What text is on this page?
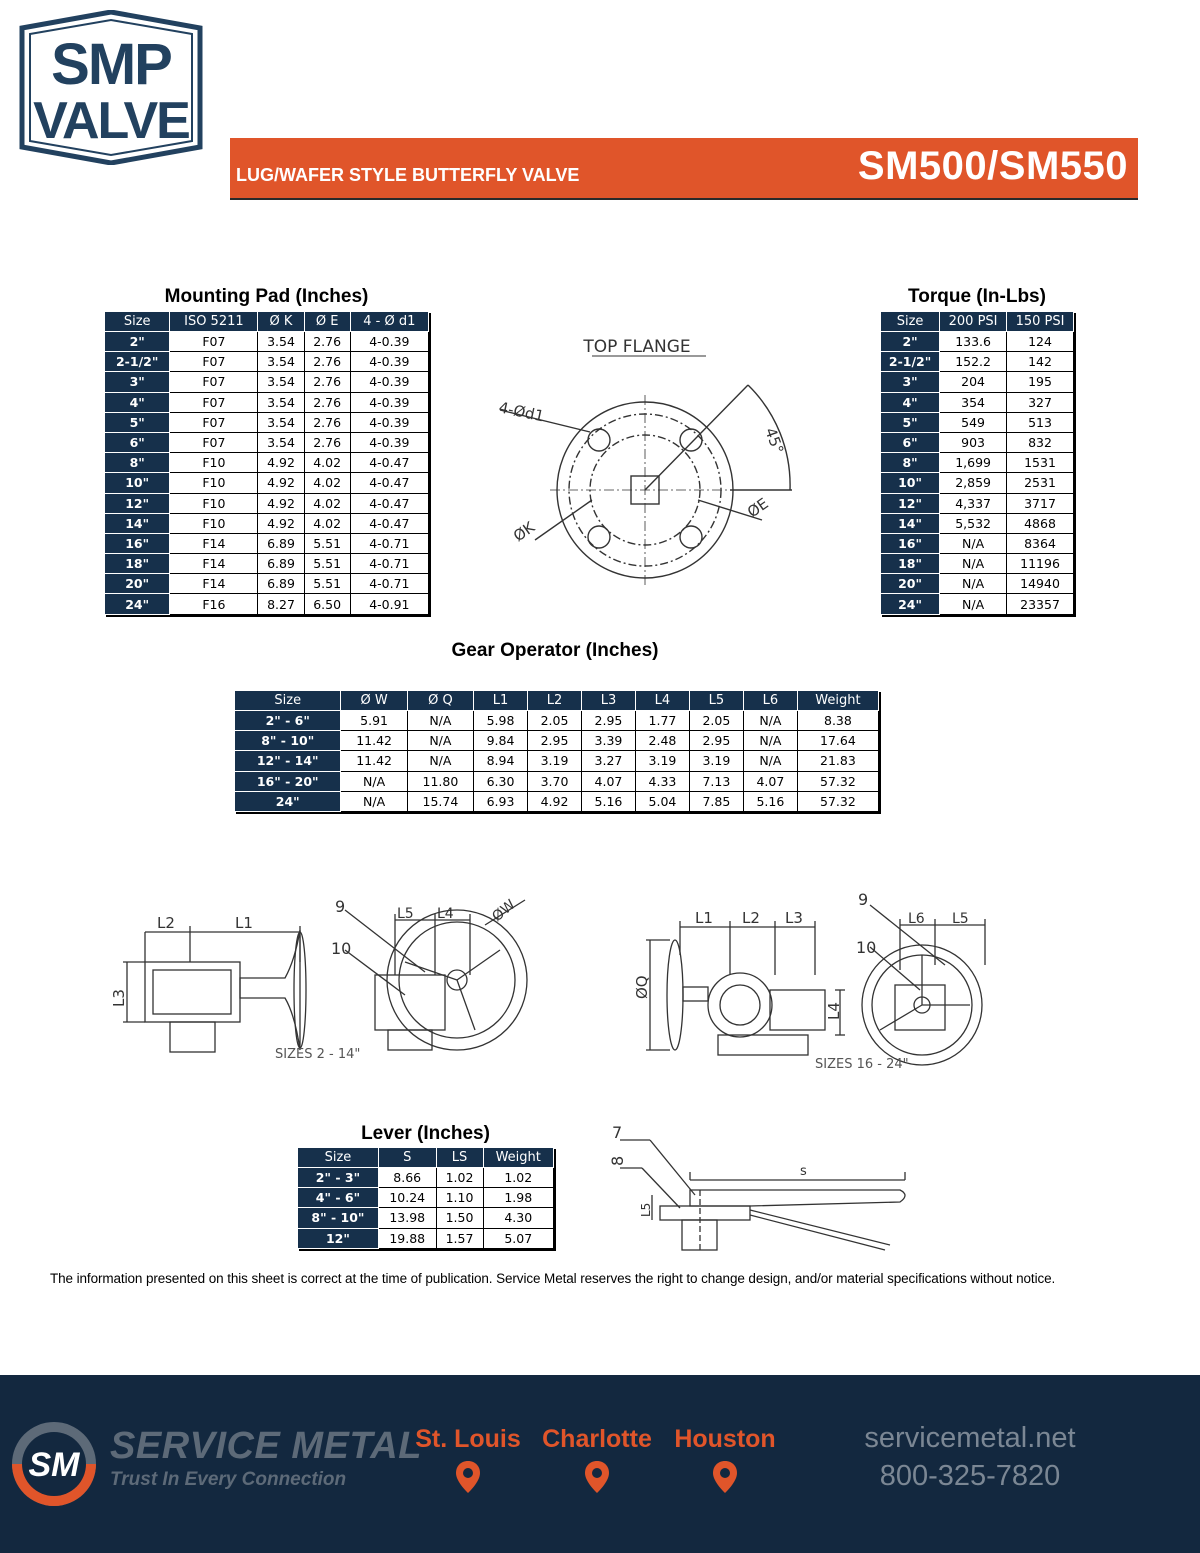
SMP
VALVE
LUG/WAFER STYLE BUTTERFLY VALVE	SM500/SM550
Mounting Pad (Inches)
Size	ISO 5211	Ø K	Ø E	4 - Ø d1
2"	F07	3.54	2.76	4-0.39
2-1/2"	F07	3.54	2.76	4-0.39
3"	F07	3.54	2.76	4-0.39
4"	F07	3.54	2.76	4-0.39
5"	F07	3.54	2.76	4-0.39
6"	F07	3.54	2.76	4-0.39
8"	F10	4.92	4.02	4-0.47
10"	F10	4.92	4.02	4-0.47
12"	F10	4.92	4.02	4-0.47
14"	F10	4.92	4.02	4-0.47
16"	F14	6.89	5.51	4-0.71
18"	F14	6.89	5.51	4-0.71
20"	F14	6.89	5.51	4-0.71
24"	F16	8.27	6.50	4-0.91
Torque (In-Lbs)
Size	200 PSI	150 PSI
2"	133.6	124
2-1/2"	152.2	142
3"	204	195
4"	354	327
5"	549	513
6"	903	832
8"	1,699	1531
10"	2,859	2531
12"	4,337	3717
14"	5,532	4868
16"	N/A	8364
18"	N/A	11196
20"	N/A	14940
24"	N/A	23357
TOP FLANGE
4-Ød1
45°
ØK
ØE
Gear Operator (Inches)
Size	Ø W	Ø Q	L1	L2	L3	L4	L5	L6	Weight
2" - 6"	5.91	N/A	5.98	2.05	2.95	1.77	2.05	N/A	8.38
8" - 10"	11.42	N/A	9.84	2.95	3.39	2.48	2.95	N/A	17.64
12" - 14"	11.42	N/A	8.94	3.19	3.27	3.19	3.19	N/A	21.83
16" - 20"	N/A	11.80	6.30	3.70	4.07	4.33	7.13	4.07	57.32
24"	N/A	15.74	6.93	4.92	5.16	5.04	7.85	5.16	57.32
L2	L1
L3
9
10
L5 L4	ØW
SIZES 2 - 14"
L1 L2 L3
ØQ
L4
9
10
L6 L5
SIZES 16 - 24"
Lever (Inches)
Size	S	LS	Weight
2" - 3"	8.66	1.02	1.02
4" - 6"	10.24	1.10	1.98
8" - 10"	13.98	1.50	4.30
12"	19.88	1.57	5.07
7
8
L5
s
The information presented on this sheet is correct at the time of publication. Service Metal reserves the right to change design, and/or material specifications without notice.
SM SERVICE METAL
Trust In Every Connection
St. Louis Charlotte Houston	servicemetal.net
800-325-7820
